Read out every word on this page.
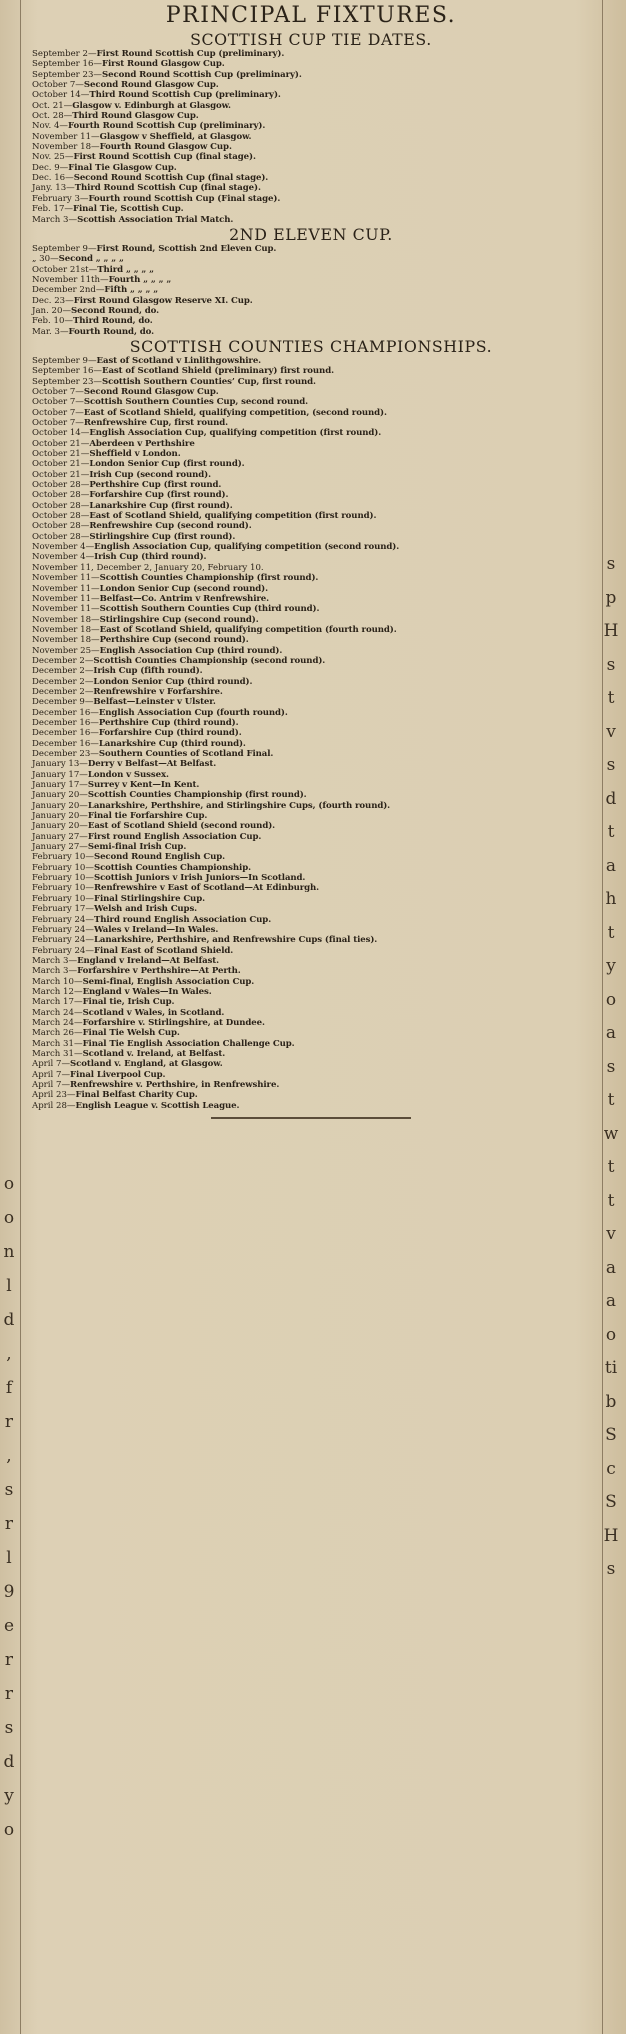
o
o
n
l
d
,
f
r
,
s
r
l
9
e
r
r
s
d
y
o
PRINCIPAL FIXTURES.
SCOTTISH CUP TIE DATES.
September 2—First Round Scottish Cup (preliminary).
September 16—First Round Glasgow Cup.
September 23—Second Round Scottish Cup (preliminary).
October 7—Second Round Glasgow Cup.
October 14—Third Round Scottish Cup (preliminary).
Oct. 21—Glasgow v. Edinburgh at Glasgow.
Oct. 28—Third Round Glasgow Cup.
Nov. 4—Fourth Round Scottish Cup (preliminary).
November 11—Glasgow v Sheffield, at Glasgow.
November 18—Fourth Round Glasgow Cup.
Nov. 25—First Round Scottish Cup (final stage).
Dec. 9—Final Tie Glasgow Cup.
Dec. 16—Second Round Scottish Cup (final stage).
Jany. 13—Third Round Scottish Cup (final stage).
February 3—Fourth round Scottish Cup (Final stage).
Feb. 17—Final Tie, Scottish Cup.
March 3—Scottish Association Trial Match.
2ND ELEVEN CUP.
September 9—First Round, Scottish 2nd Eleven Cup.
„ 30—Second „ „ „ „
October 21st—Third „ „ „ „
November 11th—Fourth „ „ „ „
December 2nd—Fifth „ „ „ „
Dec. 23—First Round Glasgow Reserve XI. Cup.
Jan. 20—Second Round, do.
Feb. 10—Third Round, do.
Mar. 3—Fourth Round, do.
SCOTTISH COUNTIES CHAMPIONSHIPS.
September 9—East of Scotland v Linlithgowshire.
September 16—East of Scotland Shield (preliminary) first round.
September 23—Scottish Southern Counties’ Cup, first round.
October 7—Second Round Glasgow Cup.
October 7—Scottish Southern Counties Cup, second round.
October 7—East of Scotland Shield, qualifying competition, (second round).
October 7—Renfrewshire Cup, first round.
October 14—English Association Cup, qualifying competition (first round).
October 21—Aberdeen v Perthshire
October 21—Sheffield v London.
October 21—London Senior Cup (first round).
October 21—Irish Cup (second round).
October 28—Perthshire Cup (first round.
October 28—Forfarshire Cup (first round).
October 28—Lanarkshire Cup (first round).
October 28—East of Scotland Shield, qualifying competition (first round).
October 28—Renfrewshire Cup (second round).
October 28—Stirlingshire Cup (first round).
November 4—English Association Cup, qualifying competition (second round).
November 4—Irish Cup (third round).
November 11, December 2, January 20, February 10.
November 11—Scottish Counties Championship (first round).
November 11—London Senior Cup (second round).
November 11—Belfast—Co. Antrim v Renfrewshire.
November 11—Scottish Southern Counties Cup (third round).
November 18—Stirlingshire Cup (second round).
November 18—East of Scotland Shield, qualifying competition (fourth round).
November 18—Perthshire Cup (second round).
November 25—English Association Cup (third round).
December 2—Scottish Counties Championship (second round).
December 2—Irish Cup (fifth round).
December 2—London Senior Cup (third round).
December 2—Renfrewshire v Forfarshire.
December 9—Belfast—Leinster v Ulster.
December 16—English Association Cup (fourth round).
December 16—Perthshire Cup (third round).
December 16—Forfarshire Cup (third round).
December 16—Lanarkshire Cup (third round).
December 23—Southern Counties of Scotland Final.
January 13—Derry v Belfast—At Belfast.
January 17—London v Sussex.
January 17—Surrey v Kent—In Kent.
January 20—Scottish Counties Championship (first round).
January 20—Lanarkshire, Perthshire, and Stirlingshire Cups, (fourth round).
January 20—Final tie Forfarshire Cup.
January 20—East of Scotland Shield (second round).
January 27—First round English Association Cup.
January 27—Semi-final Irish Cup.
February 10—Second Round English Cup.
February 10—Scottish Counties Championship.
February 10—Scottish Juniors v Irish Juniors—In Scotland.
February 10—Renfrewshire v East of Scotland—At Edinburgh.
February 10—Final Stirlingshire Cup.
February 17—Welsh and Irish Cups.
February 24—Third round English Association Cup.
February 24—Wales v Ireland—In Wales.
February 24—Lanarkshire, Perthshire, and Renfrewshire Cups (final ties).
February 24—Final East of Scotland Shield.
March 3—England v Ireland—At Belfast.
March 3—Forfarshire v Perthshire—At Perth.
March 10—Semi-final, English Association Cup.
March 12—England v Wales—In Wales.
March 17—Final tie, Irish Cup.
March 24—Scotland v Wales, in Scotland.
March 24—Forfarshire v. Stirlingshire, at Dundee.
March 26—Final Tie Welsh Cup.
March 31—Final Tie English Association Challenge Cup.
March 31—Scotland v. Ireland, at Belfast.
April 7—Scotland v. England, at Glasgow.
April 7—Final Liverpool Cup.
April 7—Renfrewshire v. Perthshire, in Renfrewshire.
April 23—Final Belfast Charity Cup.
April 28—English League v. Scottish League.
s
p
H
s
t
v
s
d
t
a
h
t
y
o
a
s
t
w
t
t
v
a
a
o
ti
b
S
c
S
H
s
